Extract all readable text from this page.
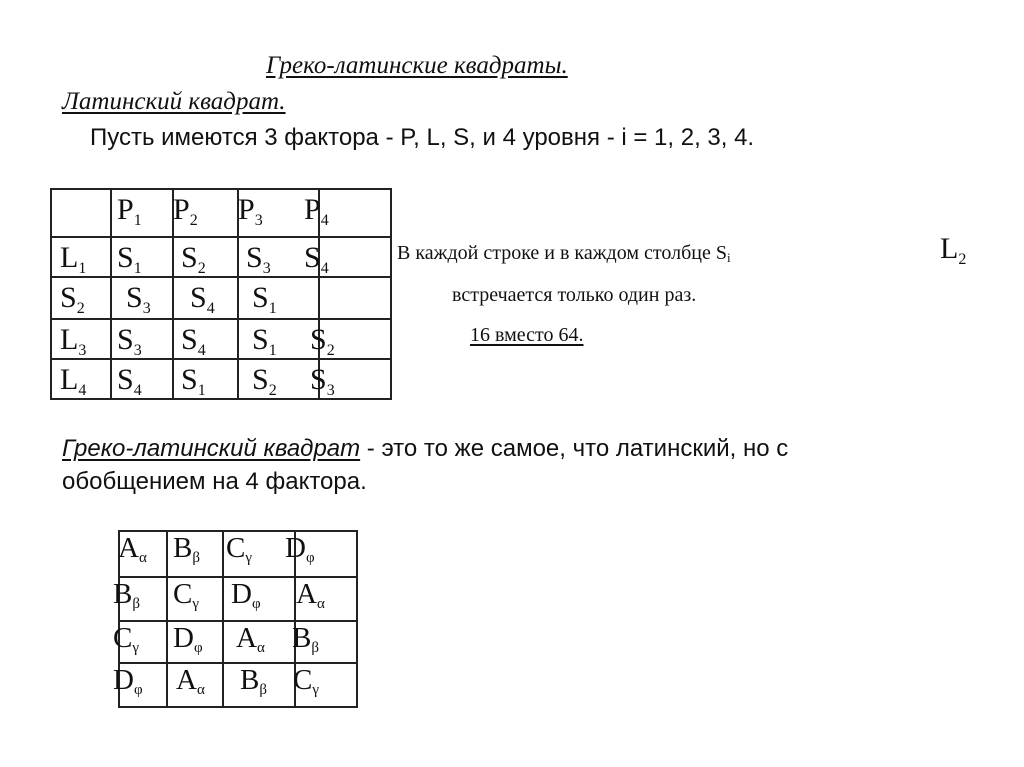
Греко-латинские квадраты.
Латинский квадрат.
Пусть имеются 3 фактора - P, L, S, и 4 уровня - i = 1, 2, 3, 4.
$P_1$ $P_2$ $P_3$ $P_4$
$L_1$ $S_1$ $S_2$ $S_3$ $S_4$
$S_2$ $S_3$ $S_4$ $S_1$
$L_3$ $S_3$ $S_4$ $S_1$ $S_2$
$L_4$ $S_4$ $S_1$ $S_2$ $S_3$
В каждой строке и в каждом столбце $S_i$	$L_2$
встречается только один раз.
16 вместо 64.
Греко-латинский квадрат - это то же самое, что латинский, но с
обобщением на 4 фактора.
$A_\alpha$ $B_\beta$ $C_\gamma$ $D_\varphi$
$B_\beta$ $C_\gamma$ $D_\varphi$ $A_\alpha$
$C_\gamma$ $D_\varphi$ $A_\alpha$ $B_\beta$
$D_\varphi$ $A_\alpha$ $B_\beta$ $C_\gamma$
